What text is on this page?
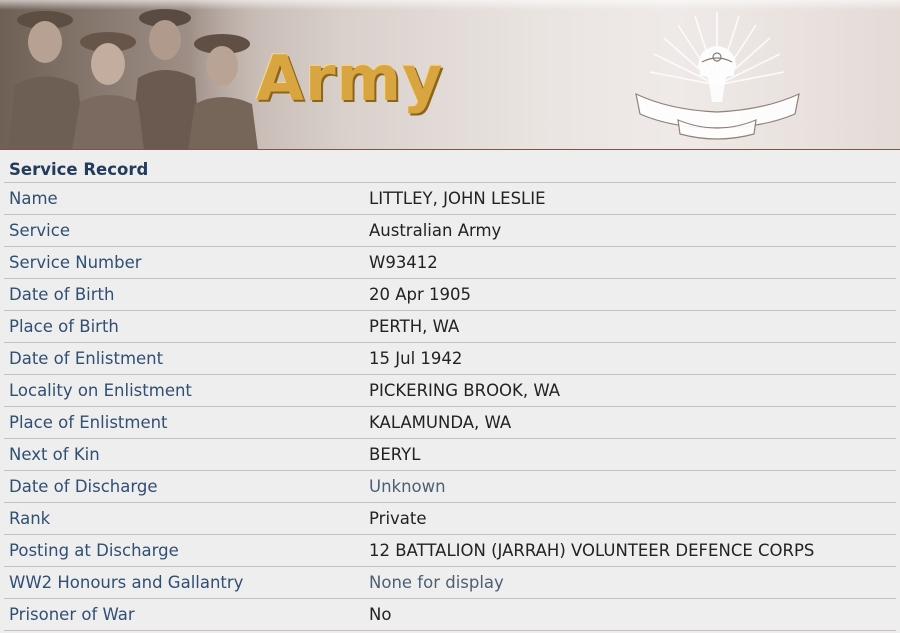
Army
Service Record	
Name	LITTLEY, JOHN LESLIE
Service	Australian Army
Service Number	W93412
Date of Birth	20 Apr 1905
Place of Birth	PERTH, WA
Date of Enlistment	15 Jul 1942
Locality on Enlistment	PICKERING BROOK, WA
Place of Enlistment	KALAMUNDA, WA
Next of Kin	BERYL
Date of Discharge	Unknown
Rank	Private
Posting at Discharge	12 BATTALION (JARRAH) VOLUNTEER DEFENCE CORPS
WW2 Honours and Gallantry	None for display
Prisoner of War	No
